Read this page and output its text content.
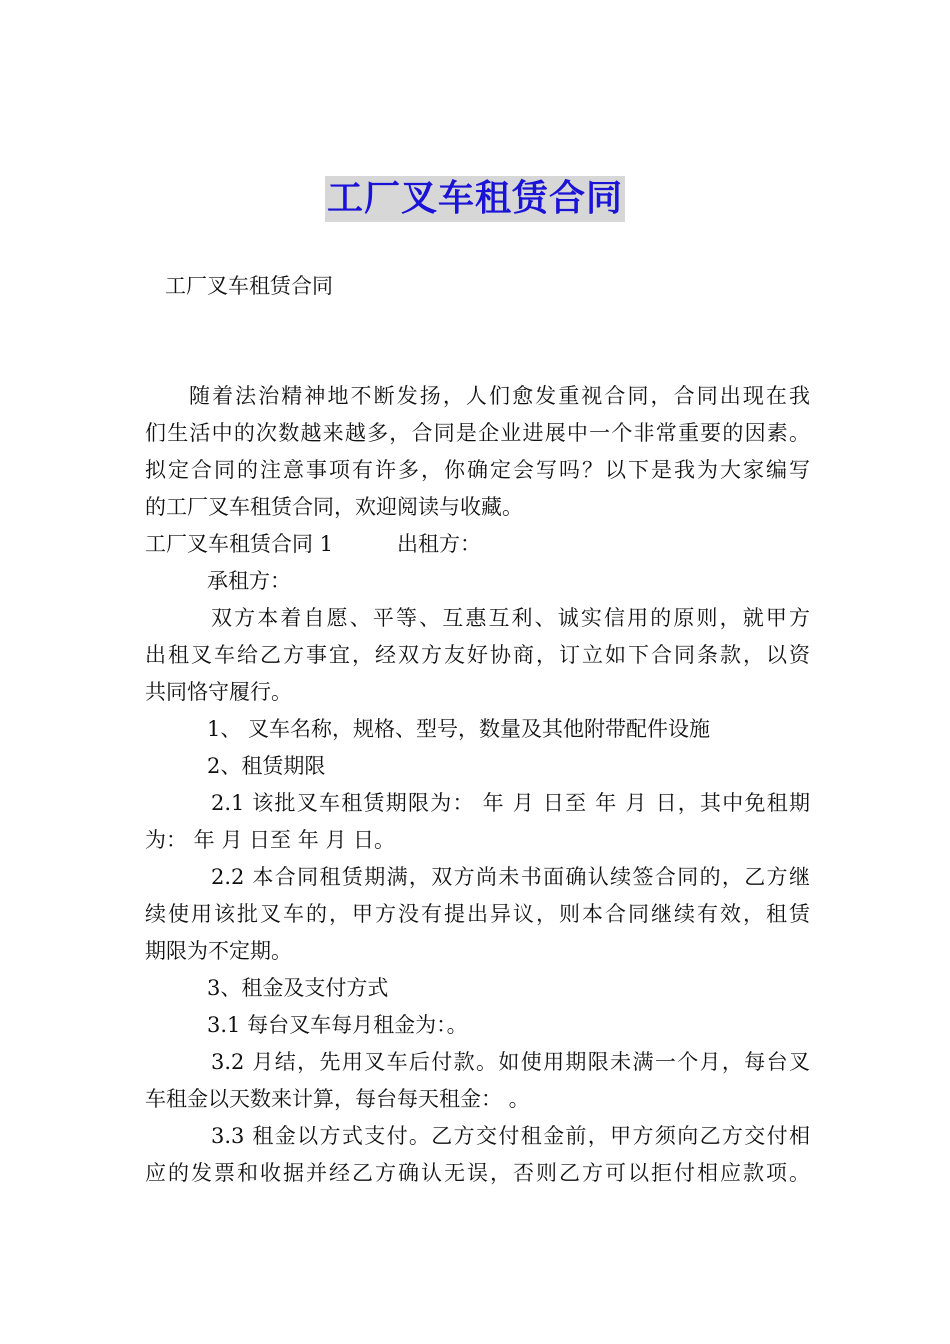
工厂叉车租赁合同
工厂叉车租赁合同
随着法治精神地不断发扬，人们愈发重视合同，合同出现在我
们生活中的次数越来越多，合同是企业进展中一个非常重要的因素。
拟定合同的注意事项有许多，你确定会写吗？以下是我为大家编写
的工厂叉车租赁合同，欢迎阅读与收藏。
工厂叉车租赁合同 1	出租方：
承租方：
双方本着自愿、平等、互惠互利、诚实信用的原则，就甲方
出租叉车给乙方事宜，经双方友好协商，订立如下合同条款，以资
共同恪守履行。
1、 叉车名称，规格、型号，数量及其他附带配件设施
2、租赁期限
2.1 该批叉车租赁期限为： 年 月 日至 年 月 日，其中免租期
为： 年 月 日至 年 月 日。
2.2 本合同租赁期满，双方尚未书面确认续签合同的，乙方继
续使用该批叉车的，甲方没有提出异议，则本合同继续有效，租赁
期限为不定期。
3、租金及支付方式
3.1 每台叉车每月租金为：。
3.2 月结，先用叉车后付款。如使用期限未满一个月，每台叉
车租金以天数来计算，每台每天租金： 。
3.3 租金以方式支付。乙方交付租金前，甲方须向乙方交付相
应的发票和收据并经乙方确认无误，否则乙方可以拒付相应款项。
